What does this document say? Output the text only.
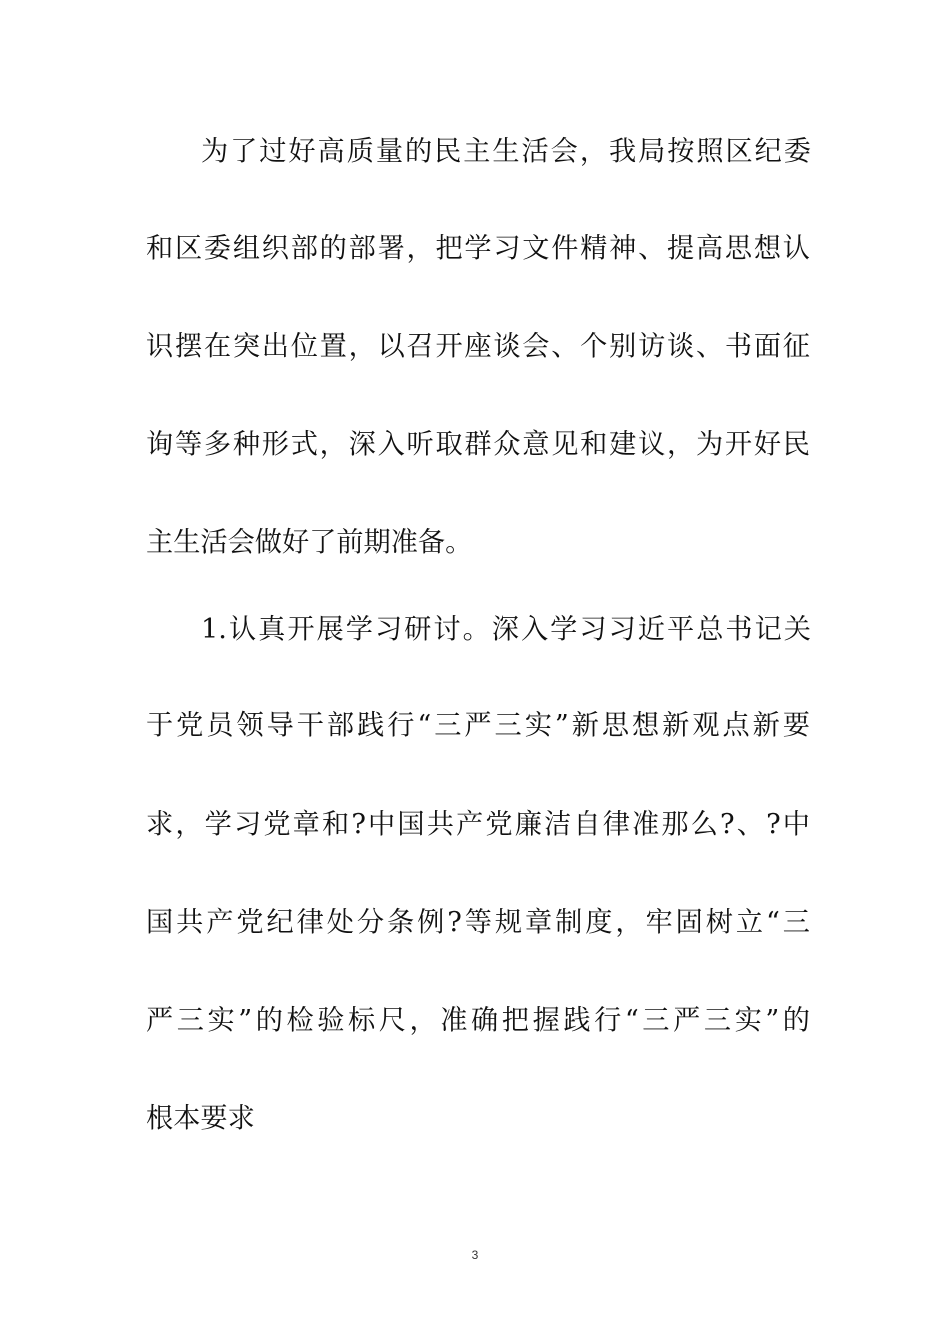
为了过好高质量的民主生活会，我局按照区纪委
和区委组织部的部署，把学习文件精神、提高思想认
识摆在突出位置，以召开座谈会、个别访谈、书面征
询等多种形式，深入听取群众意见和建议，为开好民
主生活会做好了前期准备。
1.认真开展学习研讨。深入学习习近平总书记关
于党员领导干部践行“三严三实”新思想新观点新要
求，学习党章和?中国共产党廉洁自律准那么?、?中
国共产党纪律处分条例?等规章制度，牢固树立“三
严三实”的检验标尺，准确把握践行“三严三实”的
根本要求
3
